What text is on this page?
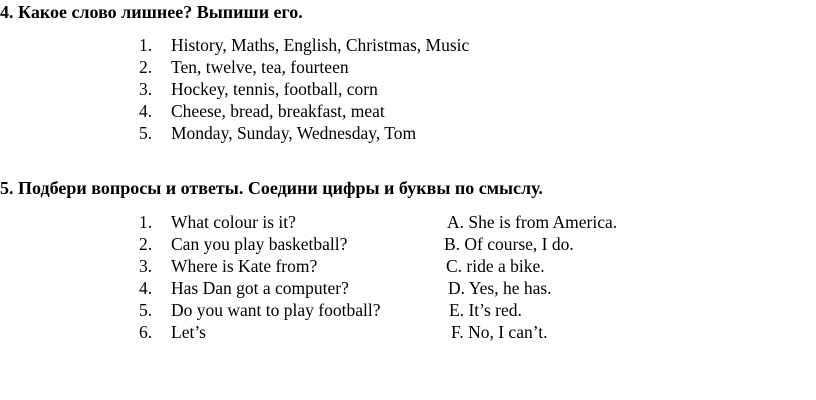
4. Какое слово лишнее? Выпиши его.
1. History, Maths, English, Christmas, Music
2. Ten, twelve, tea, fourteen
3. Hockey, tennis, football, corn
4. Cheese, bread, breakfast, meat
5. Monday, Sunday, Wednesday, Tom
5. Подбери вопросы и ответы. Соедини цифры и буквы по смыслу.
1. What colour is it?	A. She is from America.
2. Can you play basketball?	B. Of course, I do.
3. Where is Kate from?	C. ride a bike.
4. Has Dan got a computer?	D. Yes, he has.
5. Do you want to play football?	E. It’s red.
6. Let’s	F. No, I can’t.
